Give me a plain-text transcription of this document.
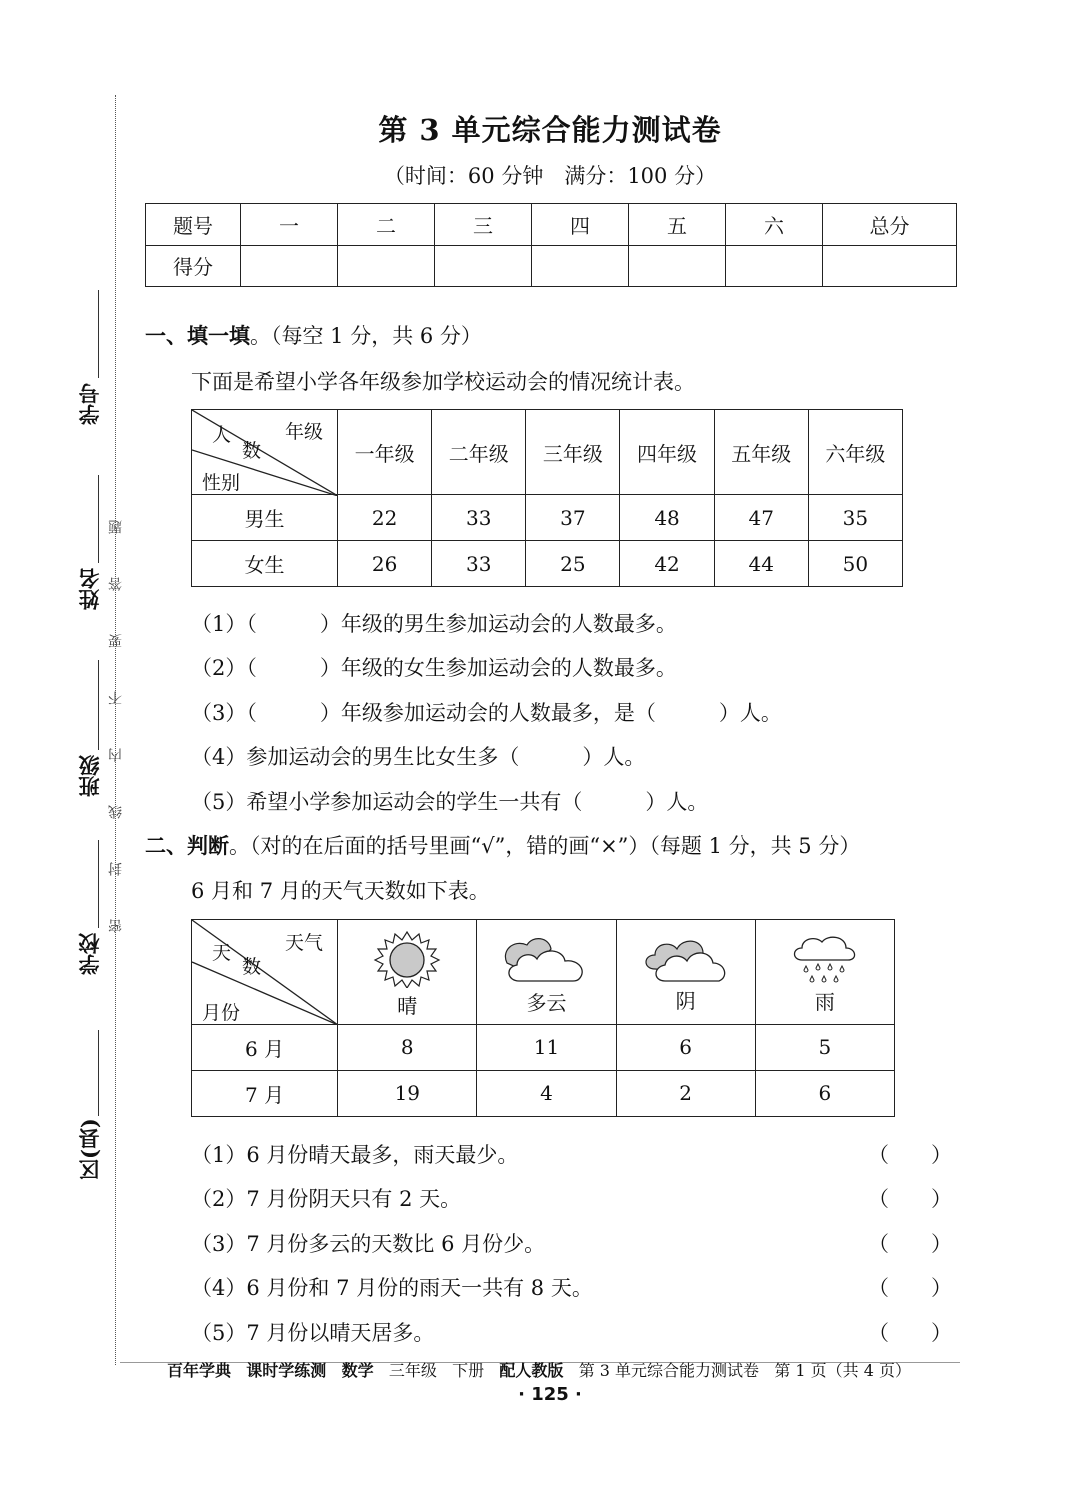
学号
姓名
班级
学校
区(县)
题
答
要
不
内
线
封
密
第 3 单元综合能力测试卷
（时间：60 分钟　满分：100 分）
题号	一	二	三	四	五	六	总分
得分							
一、填一填。（每空 1 分，共 6 分）
下面是希望小学各年级参加学校运动会的情况统计表。
年级
人
数
性别	一年级	二年级	三年级	四年级	五年级	六年级
男生	22	33	37	48	47	35
女生	26	33	25	42	44	50
（1）（　　　）年级的男生参加运动会的人数最多。
（2）（　　　）年级的女生参加运动会的人数最多。
（3）（　　　）年级参加运动会的人数最多，是（　　　）人。
（4）参加运动会的男生比女生多（　　　）人。
（5）希望小学参加运动会的学生一共有（　　　）人。
二、判断。（对的在后面的括号里画“√”，错的画“×”）（每题 1 分，共 5 分）
6 月和 7 月的天气天数如下表。
天气
天
数
月份	晴	多云	阴	雨

6 月	8	11	6	5
7 月	19	4	2	6
（1）6 月份晴天最多，雨天最少。	（　　）
（2）7 月份阴天只有 2 天。	（　　）
（3）7 月份多云的天数比 6 月份少。	（　　）
（4）6 月份和 7 月份的雨天一共有 8 天。	（　　）
（5）7 月份以晴天居多。	（　　）
百年学典 课时学练测 数学 三年级 下册 配人教版 第 3 单元综合能力测试卷 第 1 页（共 4 页）
· 125 ·
